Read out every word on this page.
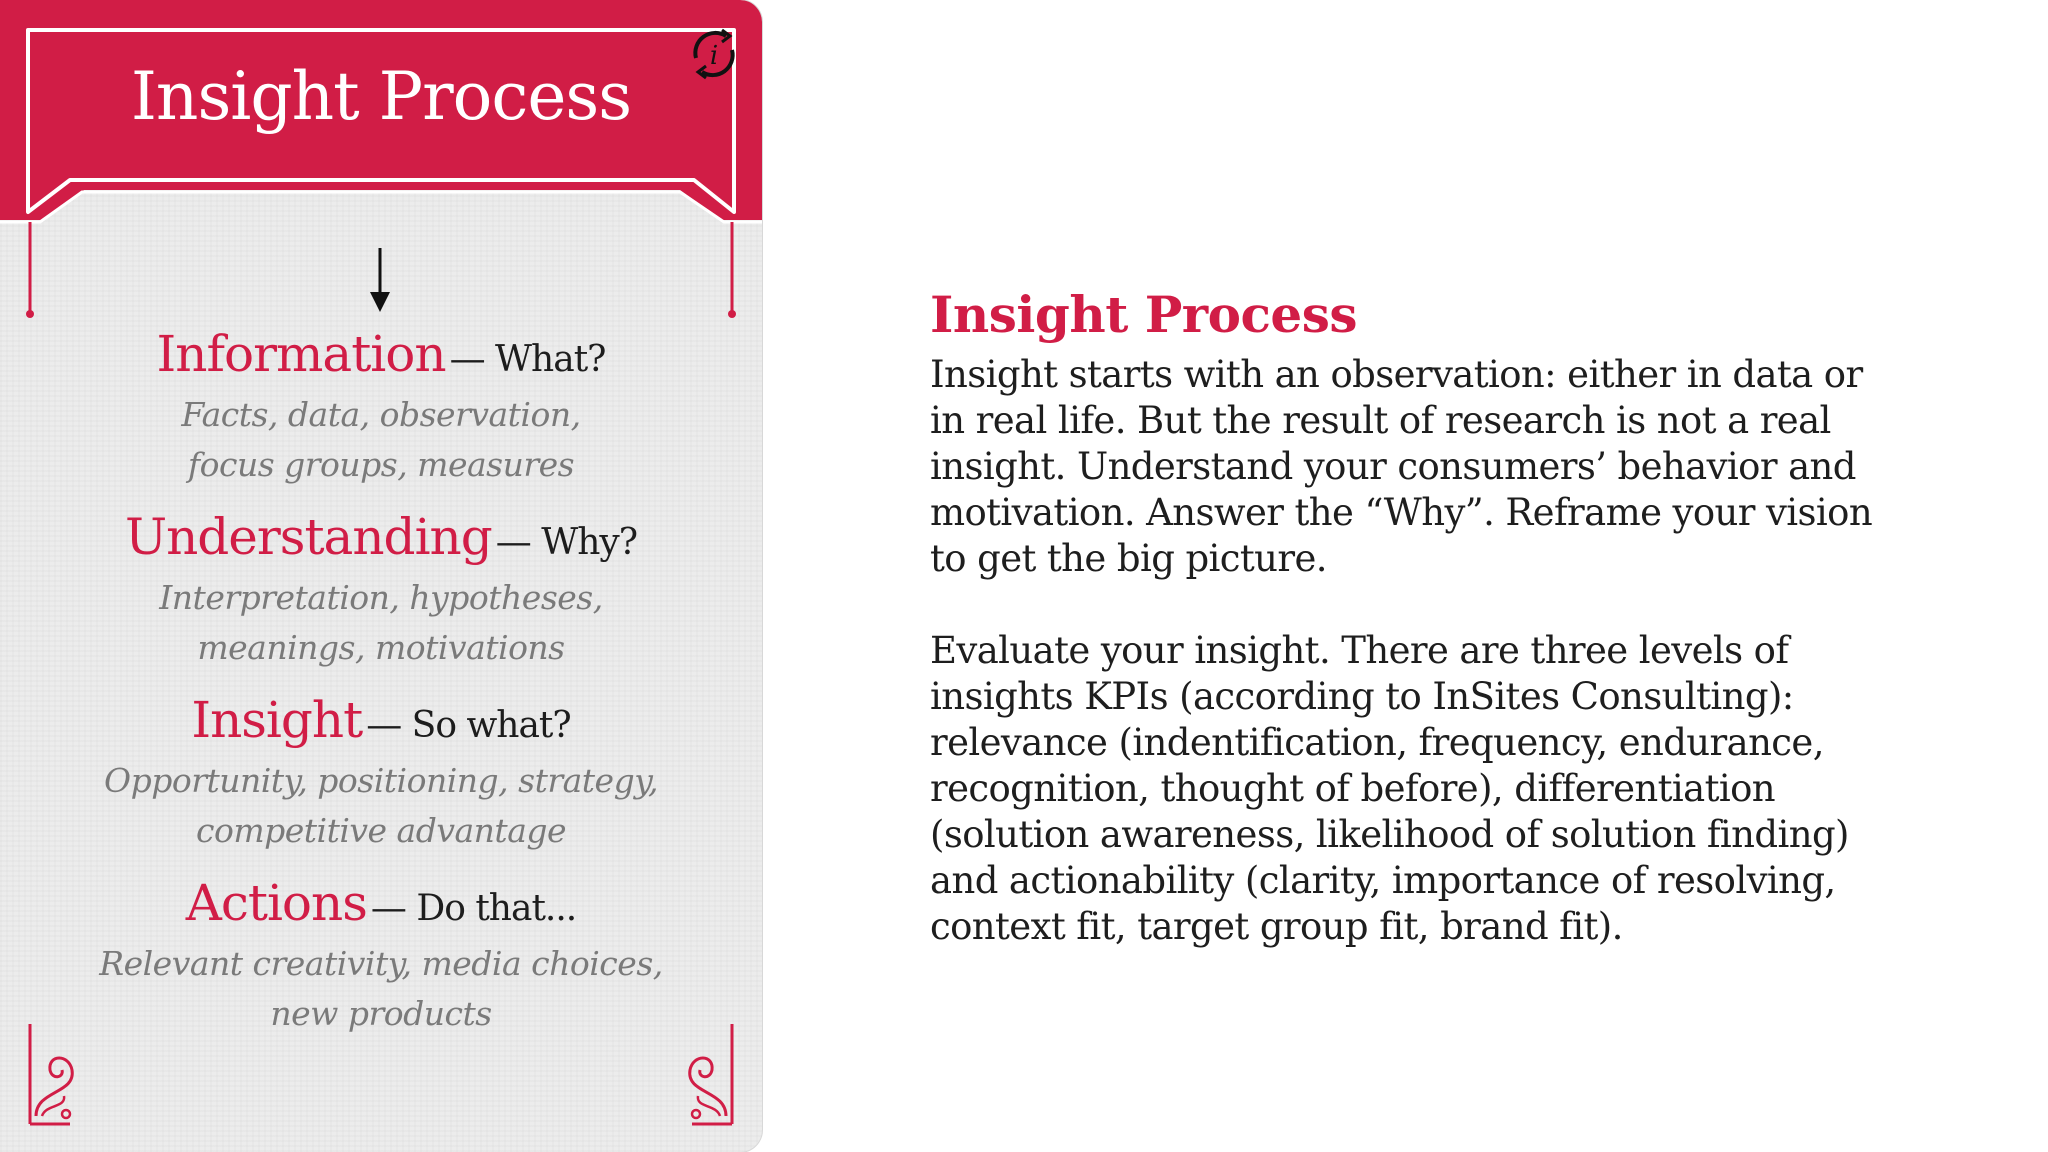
Insight Process
i
Information — What?
Facts, data, observation,
focus groups, measures
Understanding — Why?
Interpretation, hypotheses,
meanings, motivations
Insight — So what?
Opportunity, positioning, strategy,
competitive advantage
Actions — Do that...
Relevant creativity, media choices,
new products
Insight Process

Insight starts with an observation: either in data or

in real life. But the result of research is not a real

insight. Understand your consumers’ behavior and

motivation. Answer the “Why”. Reframe your vision

to get the big picture.

Evaluate your insight. There are three levels of

insights KPIs (according to InSites Consulting):

relevance (indentification, frequency, endurance,

recognition, thought of before), differentiation

(solution awareness, likelihood of solution finding)

and actionability (clarity, importance of resolving,

context fit, target group fit, brand fit).
